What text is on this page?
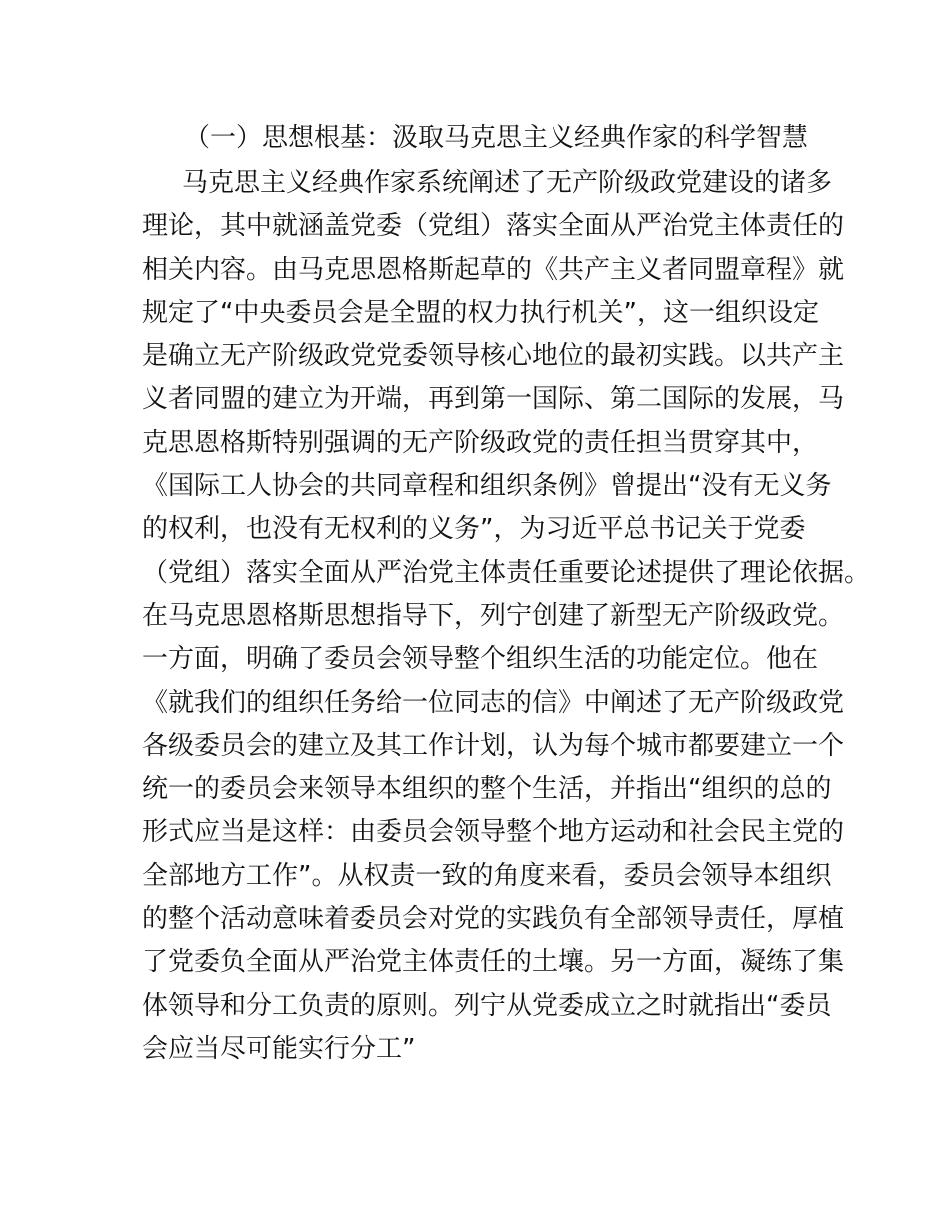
（一）思想根基：汲取马克思主义经典作家的科学智慧
马克思主义经典作家系统阐述了无产阶级政党建设的诸多
理论，其中就涵盖党委（党组）落实全面从严治党主体责任的
相关内容。由马克思恩格斯起草的《共产主义者同盟章程》就
规定了“中央委员会是全盟的权力执行机关”，这一组织设定
是确立无产阶级政党党委领导核心地位的最初实践。以共产主
义者同盟的建立为开端，再到第一国际、第二国际的发展，马
克思恩格斯特别强调的无产阶级政党的责任担当贯穿其中，
《国际工人协会的共同章程和组织条例》曾提出“没有无义务
的权利，也没有无权利的义务”，为习近平总书记关于党委
（党组）落实全面从严治党主体责任重要论述提供了理论依据。
在马克思恩格斯思想指导下，列宁创建了新型无产阶级政党。
一方面，明确了委员会领导整个组织生活的功能定位。他在
《就我们的组织任务给一位同志的信》中阐述了无产阶级政党
各级委员会的建立及其工作计划，认为每个城市都要建立一个
统一的委员会来领导本组织的整个生活，并指出“组织的总的
形式应当是这样：由委员会领导整个地方运动和社会民主党的
全部地方工作”。从权责一致的角度来看，委员会领导本组织
的整个活动意味着委员会对党的实践负有全部领导责任，厚植
了党委负全面从严治党主体责任的土壤。另一方面，凝练了集
体领导和分工负责的原则。列宁从党委成立之时就指出“委员
会应当尽可能实行分工”
